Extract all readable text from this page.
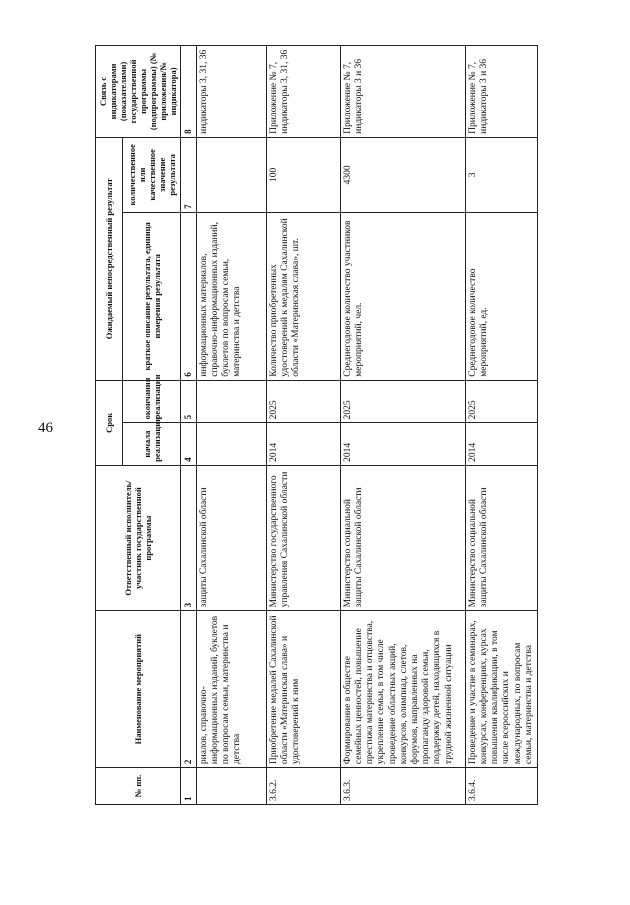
46
№ пп.	Наименование мероприятий	Ответственный исполнитель/участник государственной программы	Срок		Ожидаемый непосредственный результат		Связь с индикаторами (показателями) государственной программы (подпрограммы) (№ приложения/№ индикатора)
			начала реализации	окончания реализации	краткое описание результата, единица измерения результата	количественное или качественное значение результата	
1	2	3	4	5	6	7	8
	риалов, справочно-информационных изданий, буклетов по вопросам семьи, материнства и детства	защиты Сахалинской области			информационных материалов, справочно-информационных изданий, буклетов по вопросам семьи, материнства и детства		индикаторы 3, 31, 36
3.6.2.	Приобретение медалей Сахалинской области «Материнская слава» и удостоверений к ним	Министерство государственного управления Сахалинской области	2014	2025	Количество приобретенных удостоверений к медалям Сахалинской области «Материнская слава», шт.	100	Приложение № 7, индикаторы 3, 31, 36
3.6.3.	Формирование в обществе семейных ценностей, повышение престижа материнства и отцовства, укрепление семьи, в том числе проведение областных акций, конкурсов, олимпиад, слетов, форумов, направленных на пропаганду здоровой семьи, поддержку детей, находящихся в трудной жизненной ситуации	Министерство социальной защиты Сахалинской области	2014	2025	Среднегодовое количество участников мероприятий, чел.	4300	Приложение № 7, индикаторы 3 и 36
3.6.4.	Проведение и участие в семинарах, конкурсах, конференциях, курсах повышения квалификации, в том числе всероссийских и международных, по вопросам семьи, материнства и детства	Министерство социальной защиты Сахалинской области	2014	2025	Среднегодовое количество мероприятий, ед.	3	Приложение № 7, индикаторы 3 и 36
